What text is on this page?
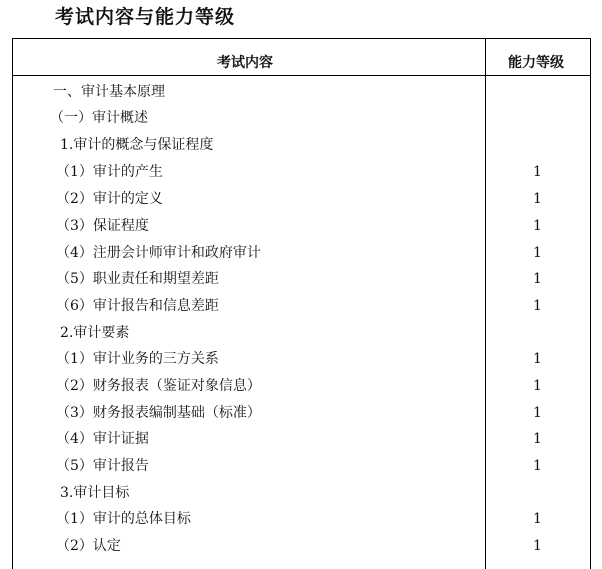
考试内容与能力等级
考试内容	能力等级
一、审计基本原理
（一）审计概述
1.审计的概念与保证程度
（1）审计的产生	1
（2）审计的定义	1
（3）保证程度	1
（4）注册会计师审计和政府审计	1
（5）职业责任和期望差距	1
（6）审计报告和信息差距	1
2.审计要素
（1）审计业务的三方关系	1
（2）财务报表（鉴证对象信息）	1
（3）财务报表编制基础（标准）	1
（4）审计证据	1
（5）审计报告	1
3.审计目标
（1）审计的总体目标	1
（2）认定	1
